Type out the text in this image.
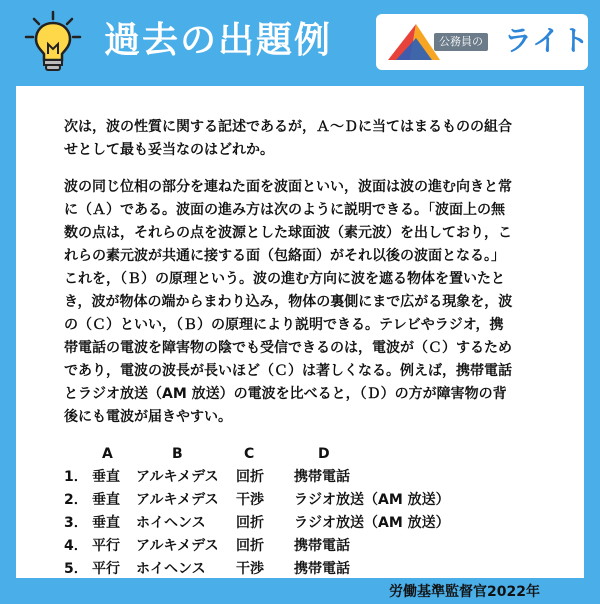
過去の出題例	公務員の ライト
次は，波の性質に関する記述であるが，Ａ～Ｄに当てはまるものの組合
せとして最も妥当なのはどれか。
波の同じ位相の部分を連ねた面を波面といい，波面は波の進む向きと常
に（Ａ）である。波面の進み方は次のように説明できる。「波面上の無
数の点は，それらの点を波源とした球面波（素元波）を出しており，こ
れらの素元波が共通に接する面（包絡面）がそれ以後の波面となる。」
これを，（Ｂ）の原理という。波の進む方向に波を遮る物体を置いたと
き，波が物体の端からまわり込み，物体の裏側にまで広がる現象を，波
の（Ｃ）といい，（Ｂ）の原理により説明できる。テレビやラジオ，携
帯電話の電波を障害物の陰でも受信できるのは，電波が（Ｃ）するため
であり，電波の波長が長いほど（Ｃ）は著しくなる。例えば，携帯電話
とラジオ放送（AM 放送）の電波を比べると，（Ｄ）の方が障害物の背
後にも電波が届きやすい。
A	B	C	D
1． 垂直 アルキメデス 回折 携帯電話
2． 垂直 アルキメデス 干渉 ラジオ放送（AM 放送）
3． 垂直 ホイヘンス 回折 ラジオ放送（AM 放送）
4． 平行 アルキメデス 回折 携帯電話
5． 平行 ホイヘンス 干渉 携帯電話
労働基準監督官2022年
